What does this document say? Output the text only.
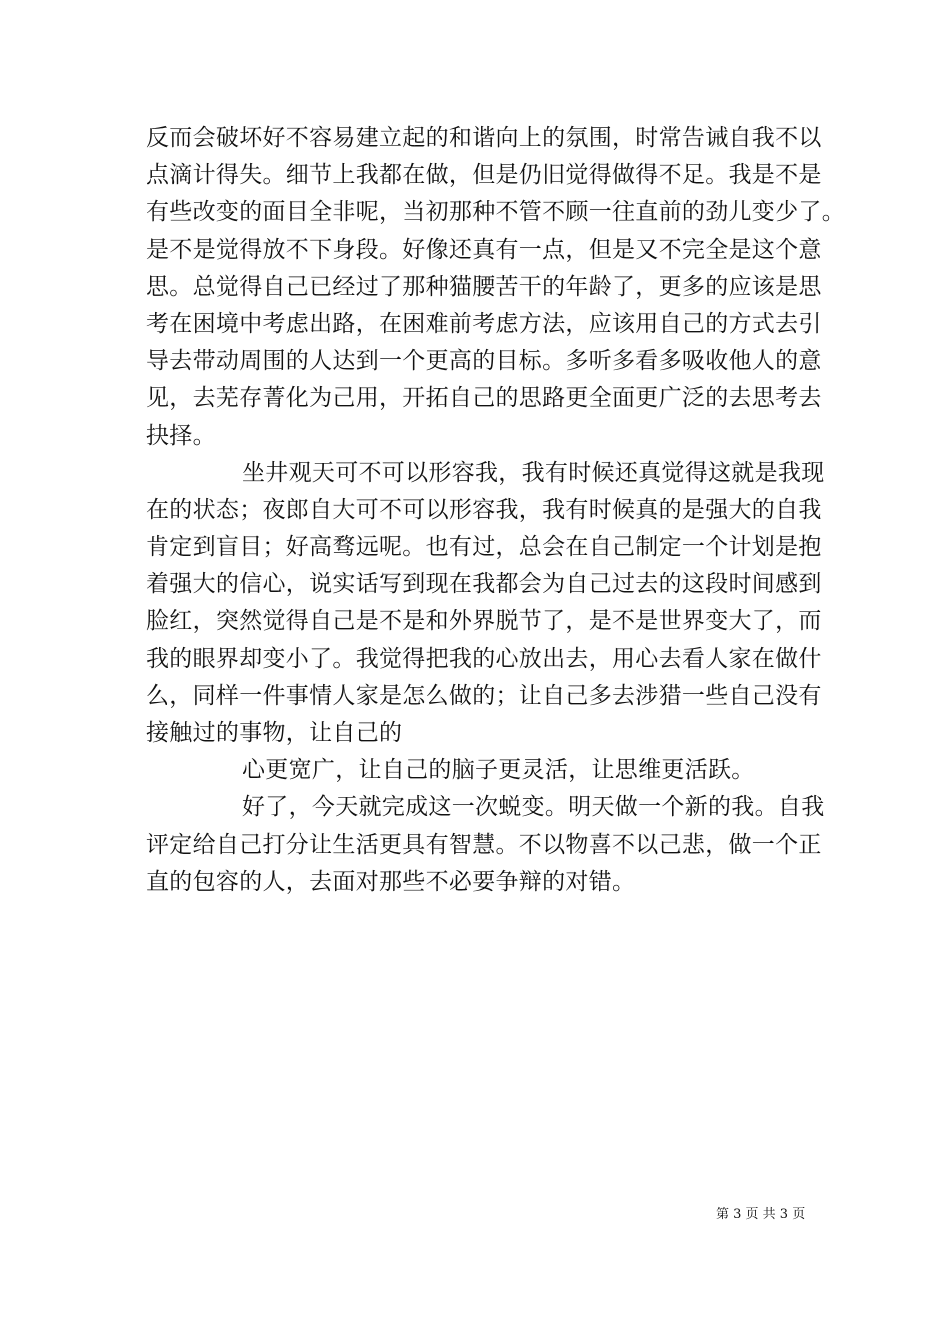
反而会破坏好不容易建立起的和谐向上的氛围，时常告诫自我不以
点滴计得失。细节上我都在做，但是仍旧觉得做得不足。我是不是
有些改变的面目全非呢，当初那种不管不顾一往直前的劲儿变少了。
是不是觉得放不下身段。好像还真有一点，但是又不完全是这个意
思。总觉得自己已经过了那种猫腰苦干的年龄了，更多的应该是思
考在困境中考虑出路，在困难前考虑方法，应该用自己的方式去引
导去带动周围的人达到一个更高的目标。多听多看多吸收他人的意
见，去芜存菁化为己用，开拓自己的思路更全面更广泛的去思考去
抉择。
坐井观天可不可以形容我，我有时候还真觉得这就是我现
在的状态；夜郎自大可不可以形容我，我有时候真的是强大的自我
肯定到盲目；好高骛远呢。也有过，总会在自己制定一个计划是抱
着强大的信心，说实话写到现在我都会为自己过去的这段时间感到
脸红，突然觉得自己是不是和外界脱节了，是不是世界变大了，而
我的眼界却变小了。我觉得把我的心放出去，用心去看人家在做什
么，同样一件事情人家是怎么做的；让自己多去涉猎一些自己没有
接触过的事物，让自己的
心更宽广，让自己的脑子更灵活，让思维更活跃。
好了，今天就完成这一次蜕变。明天做一个新的我。自我
评定给自己打分让生活更具有智慧。不以物喜不以己悲，做一个正
直的包容的人，去面对那些不必要争辩的对错。
第 3 页 共 3 页
